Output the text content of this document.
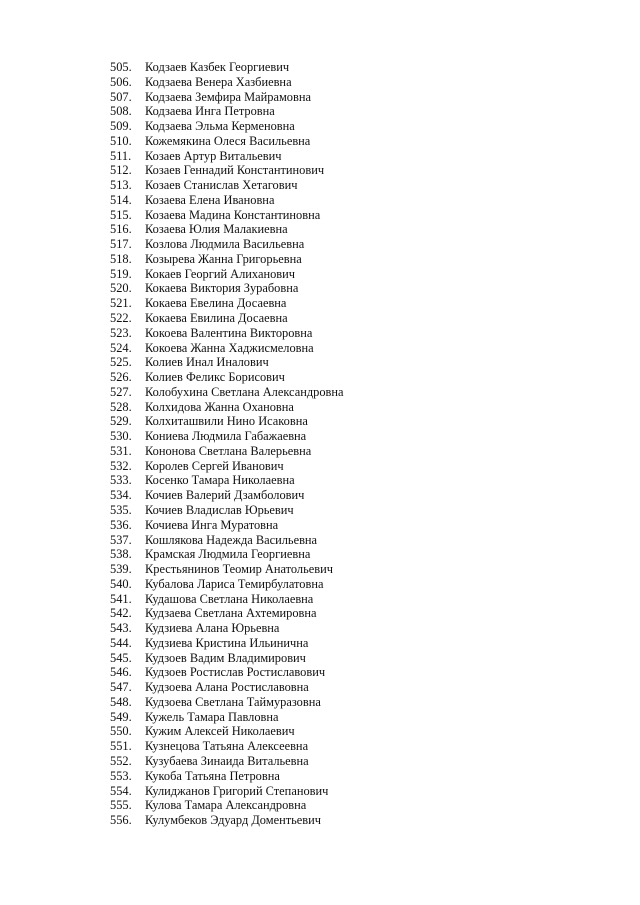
505.	Кодзаев Казбек Георгиевич
506.	Кодзаева Венера Хазбиевна
507.	Кодзаева Земфира Майрамовна
508.	Кодзаева Инга Петровна
509.	Кодзаева Эльма Керменовна
510.	Кожемякина Олеся Васильевна
511.	Козаев Артур Витальевич
512.	Козаев Геннадий Константинович
513.	Козаев Станислав Хетагович
514.	Козаева Елена Ивановна
515.	Козаева Мадина Константиновна
516.	Козаева Юлия Малакиевна
517.	Козлова Людмила Васильевна
518.	Козырева Жанна Григорьевна
519.	Кокаев Георгий Алиханович
520.	Кокаева Виктория Зурабовна
521.	Кокаева Евелина Досаевна
522.	Кокаева Евилина Досаевна
523.	Кокоева Валентина Викторовна
524.	Кокоева Жанна Хаджисмеловна
525.	Колиев Инал Иналович
526.	Колиев Феликс Борисович
527.	Колобухина Светлана Александровна
528.	Колхидова Жанна Охановна
529.	Колхиташвили Нино Исаковна
530.	Кониева Людмила Габажаевна
531.	Кононова Светлана Валерьевна
532.	Королев Сергей Иванович
533.	Косенко Тамара Николаевна
534.	Кочиев Валерий Дзамболович
535.	Кочиев Владислав Юрьевич
536.	Кочиева Инга Муратовна
537.	Кошлякова Надежда Васильевна
538.	Крамская Людмила Георгиевна
539.	Крестьянинов Теомир Анатольевич
540.	Кубалова Лариса Темирбулатовна
541.	Кудашова Светлана Николаевна
542.	Кудзаева Светлана Ахтемировна
543.	Кудзиева Алана Юрьевна
544.	Кудзиева Кристина Ильинична
545.	Кудзоев Вадим Владимирович
546.	Кудзоев Ростислав Ростиславович
547.	Кудзоева Алана Ростиславовна
548.	Кудзоева Светлана Таймуразовна
549.	Кужель Тамара Павловна
550.	Кужим Алексей Николаевич
551.	Кузнецова Татьяна Алексеевна
552.	Кузубаева Зинаида Витальевна
553.	Кукоба Татьяна Петровна
554.	Кулиджанов Григорий Степанович
555.	Кулова Тамара Александровна
556.	Кулумбеков Эдуард Доментьевич
